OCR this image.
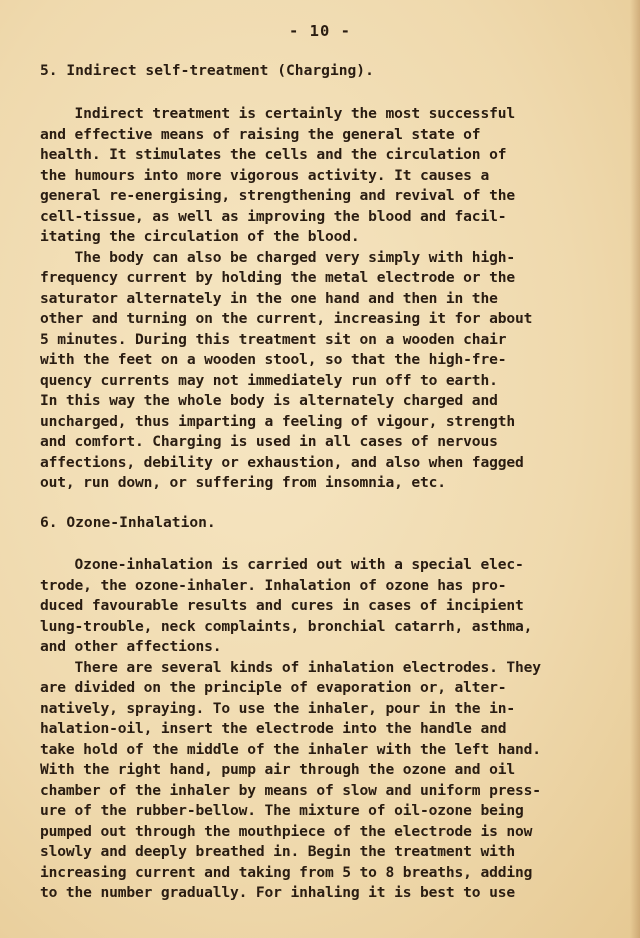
- 10 -
5. Indirect self-treatment (Charging).
Indirect treatment is certainly the most successful
and effective means of raising the general state of
health. It stimulates the cells and the circulation of
the humours into more vigorous activity. It causes a
general re-energising, strengthening and revival of the
cell-tissue, as well as improving the blood and facil-
itating the circulation of the blood.
The body can also be charged very simply with high-
frequency current by holding the metal electrode or the
saturator alternately in the one hand and then in the
other and turning on the current, increasing it for about
5 minutes. During this treatment sit on a wooden chair
with the feet on a wooden stool, so that the high-fre-
quency currents may not immediately run off to earth.
In this way the whole body is alternately charged and
uncharged, thus imparting a feeling of vigour, strength
and comfort. Charging is used in all cases of nervous
affections, debility or exhaustion, and also when fagged
out, run down, or suffering from insomnia, etc.
6. Ozone-Inhalation.
Ozone-inhalation is carried out with a special elec-
trode, the ozone-inhaler. Inhalation of ozone has pro-
duced favourable results and cures in cases of incipient
lung-trouble, neck complaints, bronchial catarrh, asthma,
and other affections.
There are several kinds of inhalation electrodes. They
are divided on the principle of evaporation or, alter-
natively, spraying. To use the inhaler, pour in the in-
halation-oil, insert the electrode into the handle and
take hold of the middle of the inhaler with the left hand.
With the right hand, pump air through the ozone and oil
chamber of the inhaler by means of slow and uniform press-
ure of the rubber-bellow. The mixture of oil-ozone being
pumped out through the mouthpiece of the electrode is now
slowly and deeply breathed in. Begin the treatment with
increasing current and taking from 5 to 8 breaths, adding
to the number gradually. For inhaling it is best to use
